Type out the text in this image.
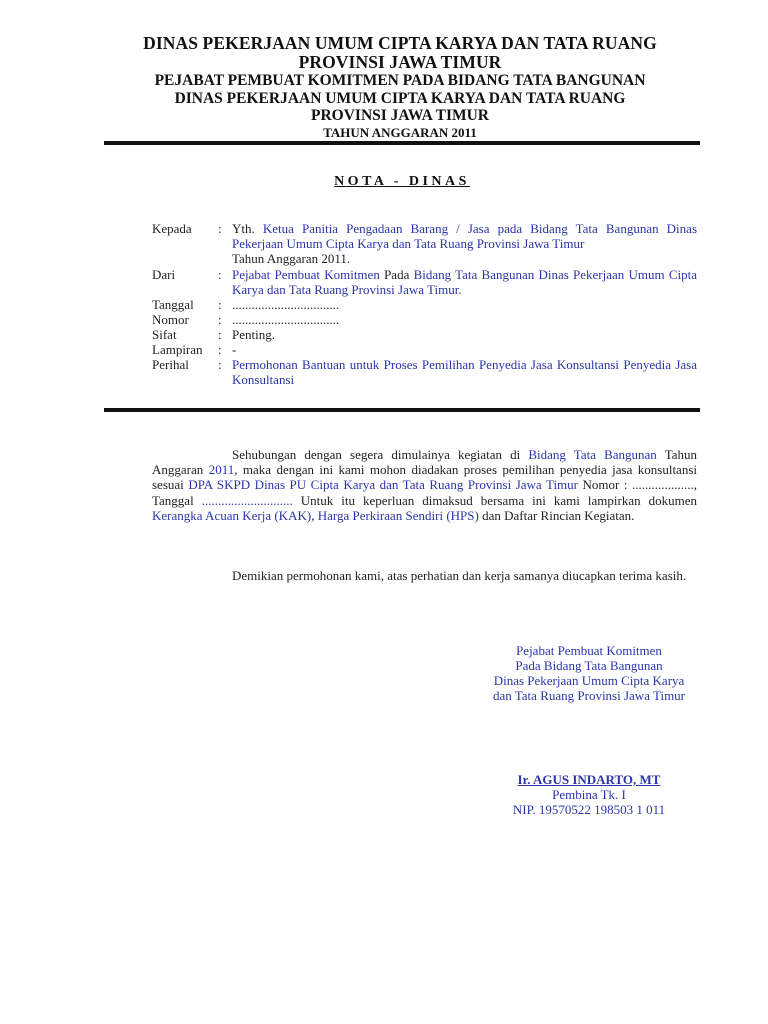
DINAS PEKERJAAN UMUM CIPTA KARYA DAN TATA RUANG
PROVINSI JAWA TIMUR
PEJABAT PEMBUAT KOMITMEN PADA BIDANG TATA BANGUNAN
DINAS PEKERJAAN UMUM CIPTA KARYA DAN TATA RUANG
PROVINSI JAWA TIMUR
TAHUN ANGGARAN 2011
NOTA - DINAS
Kepada	: Yth. Ketua Panitia Pengadaan Barang / Jasa pada Bidang Tata Bangunan Dinas Pekerjaan Umum Cipta Karya dan Tata Ruang Provinsi Jawa Timur
Tahun Anggaran 2011.
Dari	: Pejabat Pembuat Komitmen Pada Bidang Tata Bangunan Dinas Pekerjaan Umum Cipta Karya dan Tata Ruang Provinsi Jawa Timur.
Tanggal	: .................................
Nomor	: .................................
Sifat	: Penting.
Lampiran	: -
Perihal	: Permohonan Bantuan untuk Proses Pemilihan Penyedia Jasa Konsultansi Penyedia Jasa Konsultansi
Sehubungan dengan segera dimulainya kegiatan di Bidang Tata Bangunan Tahun Anggaran 2011, maka dengan ini kami mohon diadakan proses pemilihan penyedia jasa konsultansi sesuai DPA SKPD Dinas PU Cipta Karya dan Tata Ruang Provinsi Jawa Timur Nomor : ..................., Tanggal ............................ Untuk itu keperluan dimaksud bersama ini kami lampirkan dokumen Kerangka Acuan Kerja (KAK), Harga Perkiraan Sendiri (HPS) dan Daftar Rincian Kegiatan.
Demikian permohonan kami, atas perhatian dan kerja samanya diucapkan terima kasih.
Pejabat Pembuat Komitmen
Pada Bidang Tata Bangunan
Dinas Pekerjaan Umum Cipta Karya
dan Tata Ruang Provinsi Jawa Timur
Ir. AGUS INDARTO, MT
Pembina Tk. I
NIP. 19570522 198503 1 011
